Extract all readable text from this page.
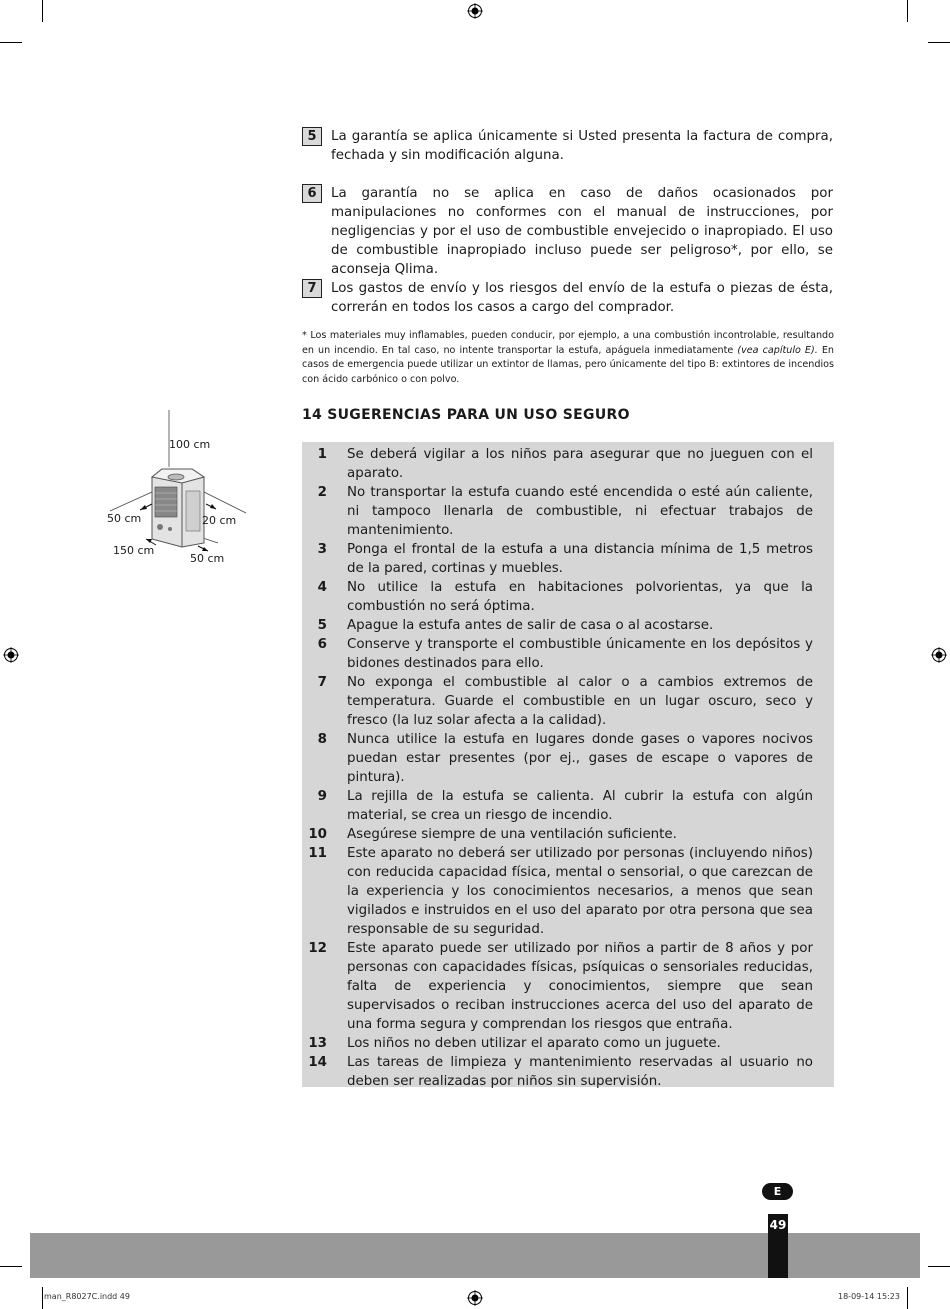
5	La garantía se aplica únicamente si Usted presenta la factura de compra, fechada y sin modificación alguna.
6	La garantía no se aplica en caso de daños ocasionados por manipulaciones no conformes con el manual de instrucciones, por negligencias y por el uso de combustible envejecido o inapropiado. El uso de combustible inapropiado incluso puede ser peligroso*, por ello, se aconseja Qlima.
7	Los gastos de envío y los riesgos del envío de la estufa o piezas de ésta, correrán en todos los casos a cargo del comprador.
* Los materiales muy inflamables, pueden conducir, por ejemplo, a una combustión incontrolable, resultando en un incendio. En tal caso, no intente transportar la estufa, apáguela inmediatamente (vea capítulo E). En casos de emergencia puede utilizar un extintor de llamas, pero únicamente del tipo B: extintores de incendios con ácido carbónico o con polvo.
14 SUGERENCIAS PARA UN USO SEGURO
100 cm
50 cm	20 cm
150 cm
50 cm
1 Se deberá vigilar a los niños para asegurar que no jueguen con el aparato.
2 No transportar la estufa cuando esté encendida o esté aún caliente, ni tampoco llenarla de combustible, ni efectuar trabajos de mantenimiento.
3 Ponga el frontal de la estufa a una distancia mínima de 1,5 metros de la pared, cortinas y muebles.
4 No utilice la estufa en habitaciones polvorientas, ya que la combustión no será óptima.
5 Apague la estufa antes de salir de casa o al acostarse.
6 Conserve y transporte el combustible únicamente en los depósitos y bidones destinados para ello.
7 No exponga el combustible al calor o a cambios extremos de temperatura. Guarde el combustible en un lugar oscuro, seco y fresco (la luz solar afecta a la calidad).
8 Nunca utilice la estufa en lugares donde gases o vapores nocivos puedan estar presentes (por ej., gases de escape o vapores de pintura).
9 La rejilla de la estufa se calienta. Al cubrir la estufa con algún material, se crea un riesgo de incendio.
10 Asegúrese siempre de una ventilación suficiente.
11 Este aparato no deberá ser utilizado por personas (incluyendo niños) con reducida capacidad física, mental o sensorial, o que carezcan de la experiencia y los conocimientos necesarios, a menos que sean vigilados e instruidos en el uso del aparato por otra persona que sea responsable de su seguridad.
12 Este aparato puede ser utilizado por niños a partir de 8 años y por personas con capacidades físicas, psíquicas o sensoriales reducidas, falta de experiencia y conocimientos, siempre que sean supervisados o reciban instrucciones acerca del uso del aparato de una forma segura y comprendan los riesgos que entraña.
13 Los niños no deben utilizar el aparato como un juguete.
14 Las tareas de limpieza y mantenimiento reservadas al usuario no deben ser realizadas por niños sin supervisión.
E
49
man_R8027C.indd 49	18-09-14 15:23
